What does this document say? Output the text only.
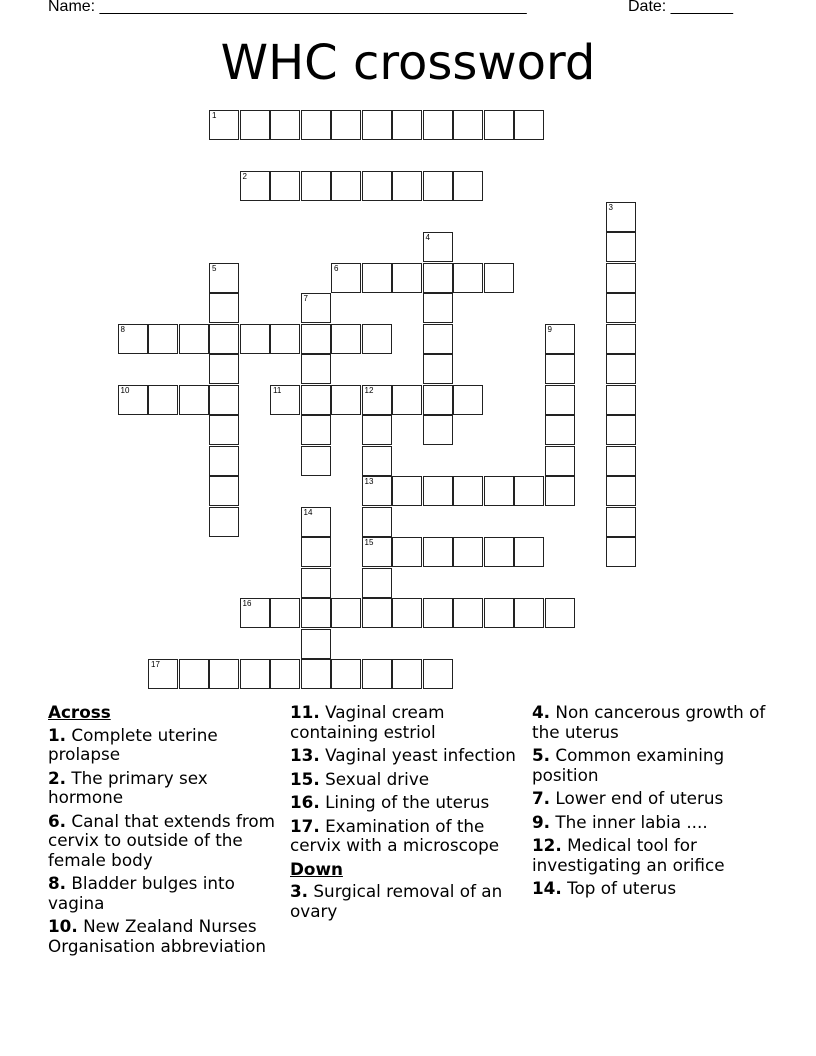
Name: ________________________________________________	Date: _______
WHC crossword
1
2
3
4
5	6
7
8	9
10	11	12
13
15
14
16
17
Across
1. Complete uterine prolapse
2. The primary sex hormone
6. Canal that extends from cervix to outside of the female body
8. Bladder bulges into vagina
10. New Zealand Nurses Organisation abbreviation
11. Vaginal cream containing estriol
13. Vaginal yeast infection
15. Sexual drive
16. Lining of the uterus
17. Examination of the cervix with a microscope
Down
3. Surgical removal of an ovary
4. Non cancerous growth of the uterus
5. Common examining position
7. Lower end of uterus
9. The inner labia ....
12. Medical tool for investigating an orifice
14. Top of uterus
